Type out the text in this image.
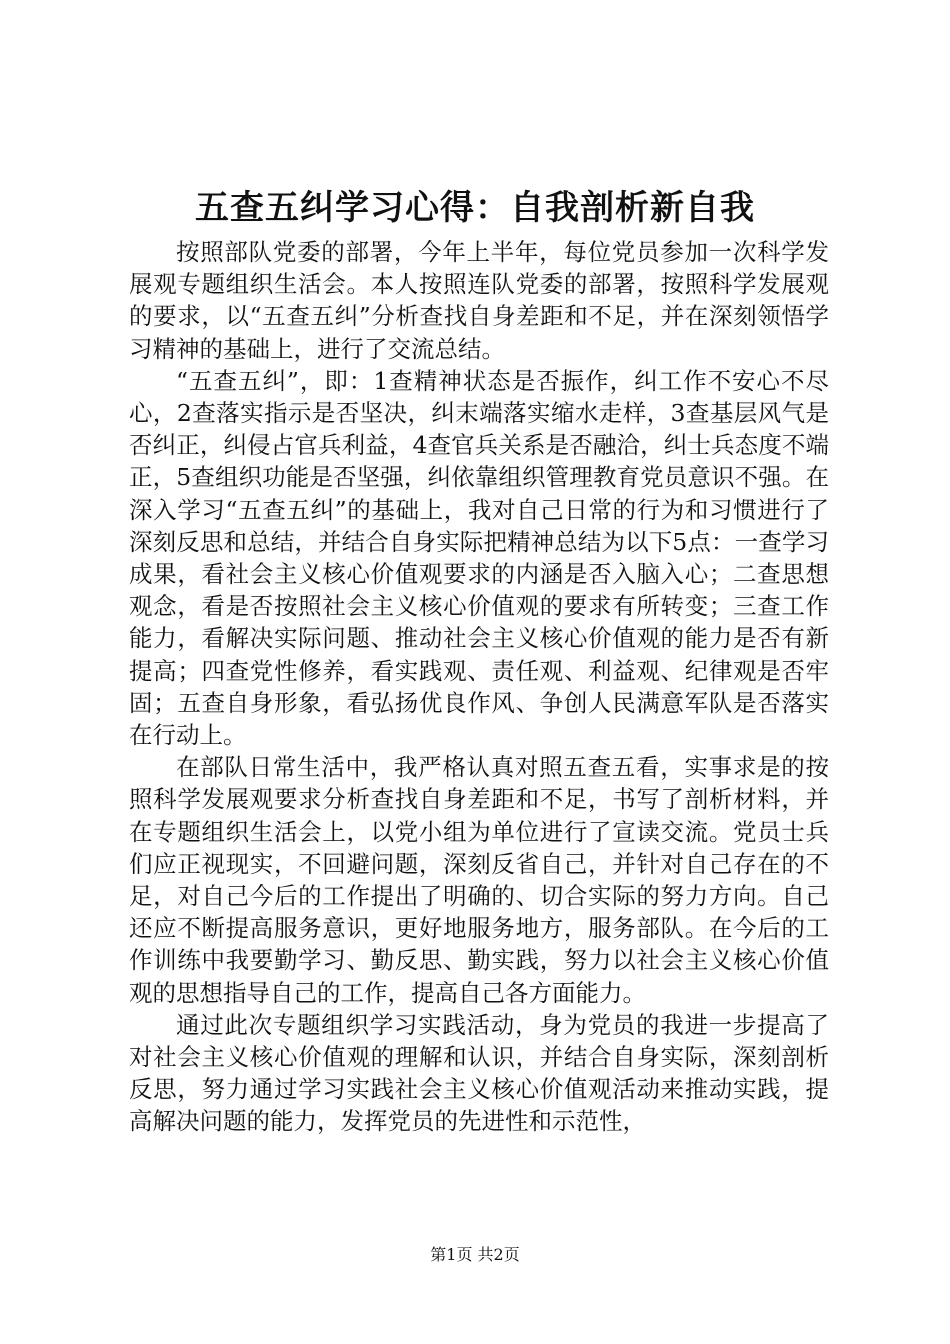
五查五纠学习心得：自我剖析新自我

按照部队党委的部署，今年上半年，每位党员参加一次科学发展观专题组织生活会。本人按照连队党委的部署，按照科学发展观的要求，以“五查五纠”分析查找自身差距和不足，并在深刻领悟学习精神的基础上，进行了交流总结。

“五查五纠”，即：1查精神状态是否振作，纠工作不安心不尽心，2查落实指示是否坚决，纠末端落实缩水走样，3查基层风气是否纠正，纠侵占官兵利益，4查官兵关系是否融洽，纠士兵态度不端正，5查组织功能是否坚强，纠依靠组织管理教育党员意识不强。在深入学习“五查五纠”的基础上，我对自己日常的行为和习惯进行了深刻反思和总结，并结合自身实际把精神总结为以下5点：一查学习成果，看社会主义核心价值观要求的内涵是否入脑入心；二查思想观念，看是否按照社会主义核心价值观的要求有所转变；三查工作能力，看解决实际问题、推动社会主义核心价值观的能力是否有新提高；四查党性修养，看实践观、责任观、利益观、纪律观是否牢固；五查自身形象，看弘扬优良作风、争创人民满意军队是否落实在行动上。

在部队日常生活中，我严格认真对照五查五看，实事求是的按照科学发展观要求分析查找自身差距和不足，书写了剖析材料，并在专题组织生活会上，以党小组为单位进行了宣读交流。党员士兵们应正视现实，不回避问题，深刻反省自己，并针对自己存在的不足，对自己今后的工作提出了明确的、切合实际的努力方向。自己还应不断提高服务意识，更好地服务地方，服务部队。在今后的工作训练中我要勤学习、勤反思、勤实践，努力以社会主义核心价值观的思想指导自己的工作，提高自己各方面能力。

通过此次专题组织学习实践活动，身为党员的我进一步提高了对社会主义核心价值观的理解和认识，并结合自身实际，深刻剖析反思，努力通过学习实践社会主义核心价值观活动来推动实践，提高解决问题的能力，发挥党员的先进性和示范性，

第1页 共2页
